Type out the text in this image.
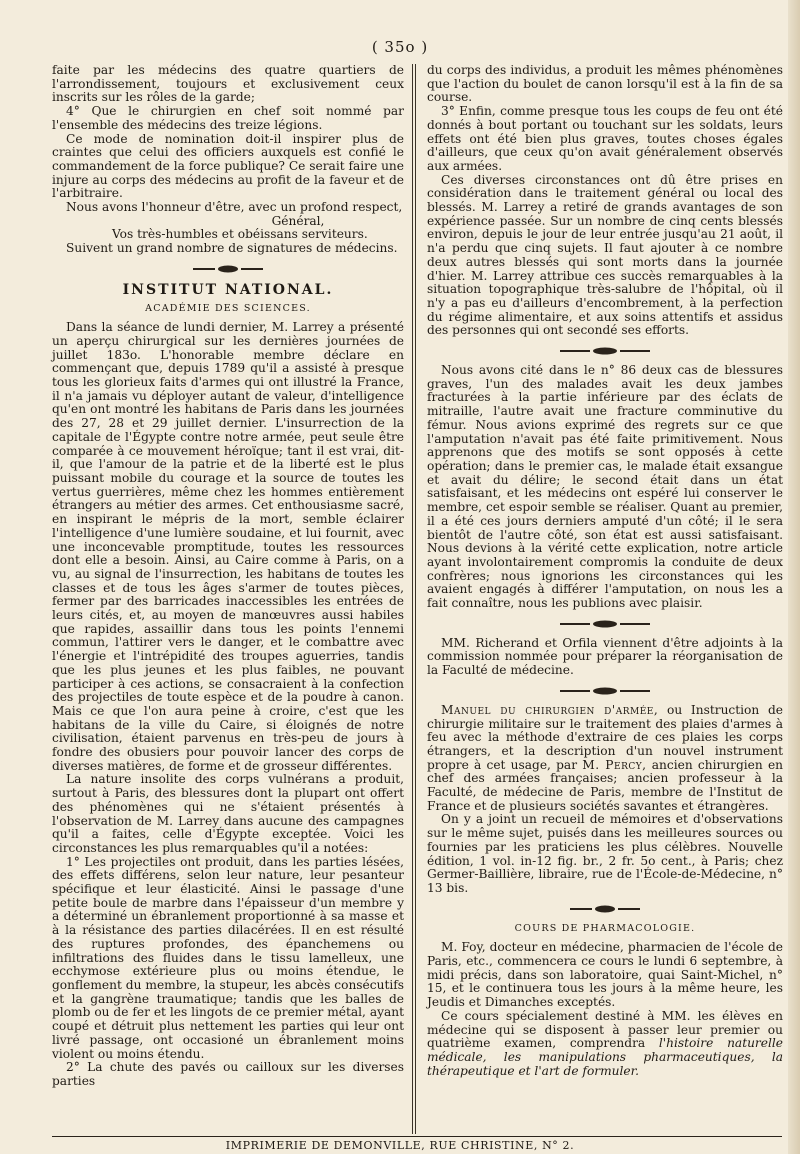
( 35o )

faite par les médecins des quatre quartiers de l'arrondissement, toujours et exclusivement ceux inscrits sur les rôles de la garde;

4° Que le chirurgien en chef soit nommé par l'ensemble des médecins des treize légions.

Ce mode de nomination doit-il inspirer plus de craintes que celui des officiers auxquels est confié le commandement de la force publique? Ce serait faire une injure au corps des médecins au profit de la faveur et de l'arbitraire.

Nous avons l'honneur d'être, avec un profond respect,

Général,

Vos très-humbles et obéissans serviteurs.

Suivent un grand nombre de signatures de médecins.

INSTITUT NATIONAL.
ACADÉMIE DES SCIENCES.

Dans la séance de lundi dernier, M. Larrey a présenté un aperçu chirurgical sur les dernières journées de juillet 183o. L'honorable membre déclare en commençant que, depuis 1789 qu'il a assisté à presque tous les glorieux faits d'armes qui ont illustré la France, il n'a jamais vu déployer autant de valeur, d'intelligence qu'en ont montré les habitans de Paris dans les journées des 27, 28 et 29 juillet dernier. L'insurrection de la capitale de l'Égypte contre notre armée, peut seule être comparée à ce mouvement héroïque; tant il est vrai, dit-il, que l'amour de la patrie et de la liberté est le plus puissant mobile du courage et la source de toutes les vertus guerrières, même chez les hommes entièrement étrangers au métier des armes. Cet enthousiasme sacré, en inspirant le mépris de la mort, semble éclairer l'intelligence d'une lumière soudaine, et lui fournit, avec une inconcevable promptitude, toutes les ressources dont elle a besoin. Ainsi, au Caire comme à Paris, on a vu, au signal de l'insurrection, les habitans de toutes les classes et de tous les âges s'armer de toutes pièces, fermer par des barricades inaccessibles les entrées de leurs cités, et, au moyen de manœuvres aussi habiles que rapides, assaillir dans tous les points l'ennemi commun, l'attirer vers le danger, et le combattre avec l'énergie et l'intrépidité des troupes aguerries, tandis que les plus jeunes et les plus faibles, ne pouvant participer à ces actions, se consacraient à la confection des projectiles de toute espèce et de la poudre à canon. Mais ce que l'on aura peine à croire, c'est que les habitans de la ville du Caire, si éloignés de notre civilisation, étaient parvenus en très-peu de jours à fondre des obusiers pour pouvoir lancer des corps de diverses matières, de forme et de grosseur différentes.

La nature insolite des corps vulnérans a produit, surtout à Paris, des blessures dont la plupart ont offert des phénomènes qui ne s'étaient présentés à l'observation de M. Larrey dans aucune des campagnes qu'il a faites, celle d'Égypte exceptée. Voici les circonstances les plus remarquables qu'il a notées:

1° Les projectiles ont produit, dans les parties lésées, des effets différens, selon leur nature, leur pesanteur spécifique et leur élasticité. Ainsi le passage d'une petite boule de marbre dans l'épaisseur d'un membre y a déterminé un ébranlement proportionné à sa masse et à la résistance des parties dilacérées. Il en est résulté des ruptures profondes, des épanchemens ou infiltrations des fluides dans le tissu lamelleux, une ecchymose extérieure plus ou moins étendue, le gonflement du membre, la stupeur, les abcès consécutifs et la gangrène traumatique; tandis que les balles de plomb ou de fer et les lingots de ce premier métal, ayant coupé et détruit plus nettement les parties qui leur ont livré passage, ont occasioné un ébranlement moins violent ou moins étendu.

2° La chute des pavés ou cailloux sur les diverses parties

du corps des individus, a produit les mêmes phénomènes que l'action du boulet de canon lorsqu'il est à la fin de sa course.

3° Enfin, comme presque tous les coups de feu ont été donnés à bout portant ou touchant sur les soldats, leurs effets ont été bien plus graves, toutes choses égales d'ailleurs, que ceux qu'on avait généralement observés aux armées.

Ces diverses circonstances ont dû être prises en considération dans le traitement général ou local des blessés. M. Larrey a retiré de grands avantages de son expérience passée. Sur un nombre de cinq cents blessés environ, depuis le jour de leur entrée jusqu'au 21 août, il n'a perdu que cinq sujets. Il faut ajouter à ce nombre deux autres blessés qui sont morts dans la journée d'hier. M. Larrey attribue ces succès remarquables à la situation topographique très-salubre de l'hôpital, où il n'y a pas eu d'ailleurs d'encombrement, à la perfection du régime alimentaire, et aux soins attentifs et assidus des personnes qui ont secondé ses efforts.

Nous avons cité dans le n° 86 deux cas de blessures graves, l'un des malades avait les deux jambes fracturées à la partie inférieure par des éclats de mitraille, l'autre avait une fracture comminutive du fémur. Nous avions exprimé des regrets sur ce que l'amputation n'avait pas été faite primitivement. Nous apprenons que des motifs se sont opposés à cette opération; dans le premier cas, le malade était exsangue et avait du délire; le second était dans un état satisfaisant, et les médecins ont espéré lui conserver le membre, cet espoir semble se réaliser. Quant au premier, il a été ces jours derniers amputé d'un côté; il le sera bientôt de l'autre côté, son état est aussi satisfaisant. Nous devions à la vérité cette explication, notre article ayant involontairement compromis la conduite de deux confrères; nous ignorions les circonstances qui les avaient engagés à différer l'amputation, on nous les a fait connaître, nous les publions avec plaisir.

MM. Richerand et Orfila viennent d'être adjoints à la commission nommée pour préparer la réorganisation de la Faculté de médecine.

Manuel du chirurgien d'armée, ou Instruction de chirurgie militaire sur le traitement des plaies d'armes à feu avec la méthode d'extraire de ces plaies les corps étrangers, et la description d'un nouvel instrument propre à cet usage, par M. Percy, ancien chirurgien en chef des armées françaises; ancien professeur à la Faculté, de médecine de Paris, membre de l'Institut de France et de plusieurs sociétés savantes et étrangères.

On y a joint un recueil de mémoires et d'observations sur le même sujet, puisés dans les meilleures sources ou fournies par les praticiens les plus célèbres. Nouvelle édition, 1 vol. in-12 fig. br., 2 fr. 5o cent., à Paris; chez Germer-Baillière, libraire, rue de l'École-de-Médecine, n° 13 bis.

COURS DE PHARMACOLOGIE.

M. Foy, docteur en médecine, pharmacien de l'école de Paris, etc., commencera ce cours le lundi 6 septembre, à midi précis, dans son laboratoire, quai Saint-Michel, n° 15, et le continuera tous les jours à la même heure, les Jeudis et Dimanches exceptés.

Ce cours spécialement destiné à MM. les élèves en médecine qui se disposent à passer leur premier ou quatrième examen, comprendra l'histoire naturelle médicale, les manipulations pharmaceutiques, la thérapeutique et l'art de formuler.

IMPRIMERIE DE DEMONVILLE, RUE CHRISTINE, N° 2.
